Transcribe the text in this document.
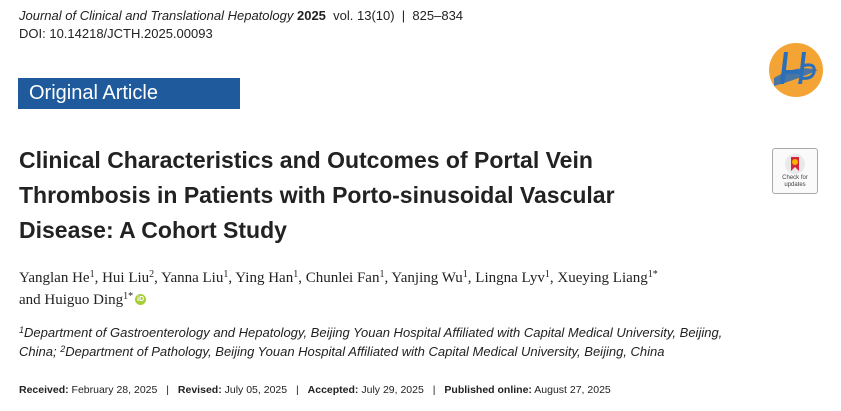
Journal of Clinical and Translational Hepatology 2025 vol. 13(10) | 825–834
DOI: 10.14218/JCTH.2025.00093
Original Article
Clinical Characteristics and Outcomes of Portal Vein
Thrombosis in Patients with Porto-sinusoidal Vascular
Disease: A Cohort Study
Check for
updates
Yanglan He$^1$, Hui Liu$^2$, Yanna Liu$^1$, Ying Han$^1$, Chunlei Fan$^1$, Yanjing Wu$^1$, Lingna Lyv$^1$, Xueying Liang$^{1*}$
and Huiguo Ding$^{1*}$ iD
$^1$Department of Gastroenterology and Hepatology, Beijing Youan Hospital Affiliated with Capital Medical University, Beijing,
China; $^2$Department of Pathology, Beijing Youan Hospital Affiliated with Capital Medical University, Beijing, China
Received: February 28, 2025 | Revised: July 05, 2025 | Accepted: July 29, 2025 | Published online: August 27, 2025
